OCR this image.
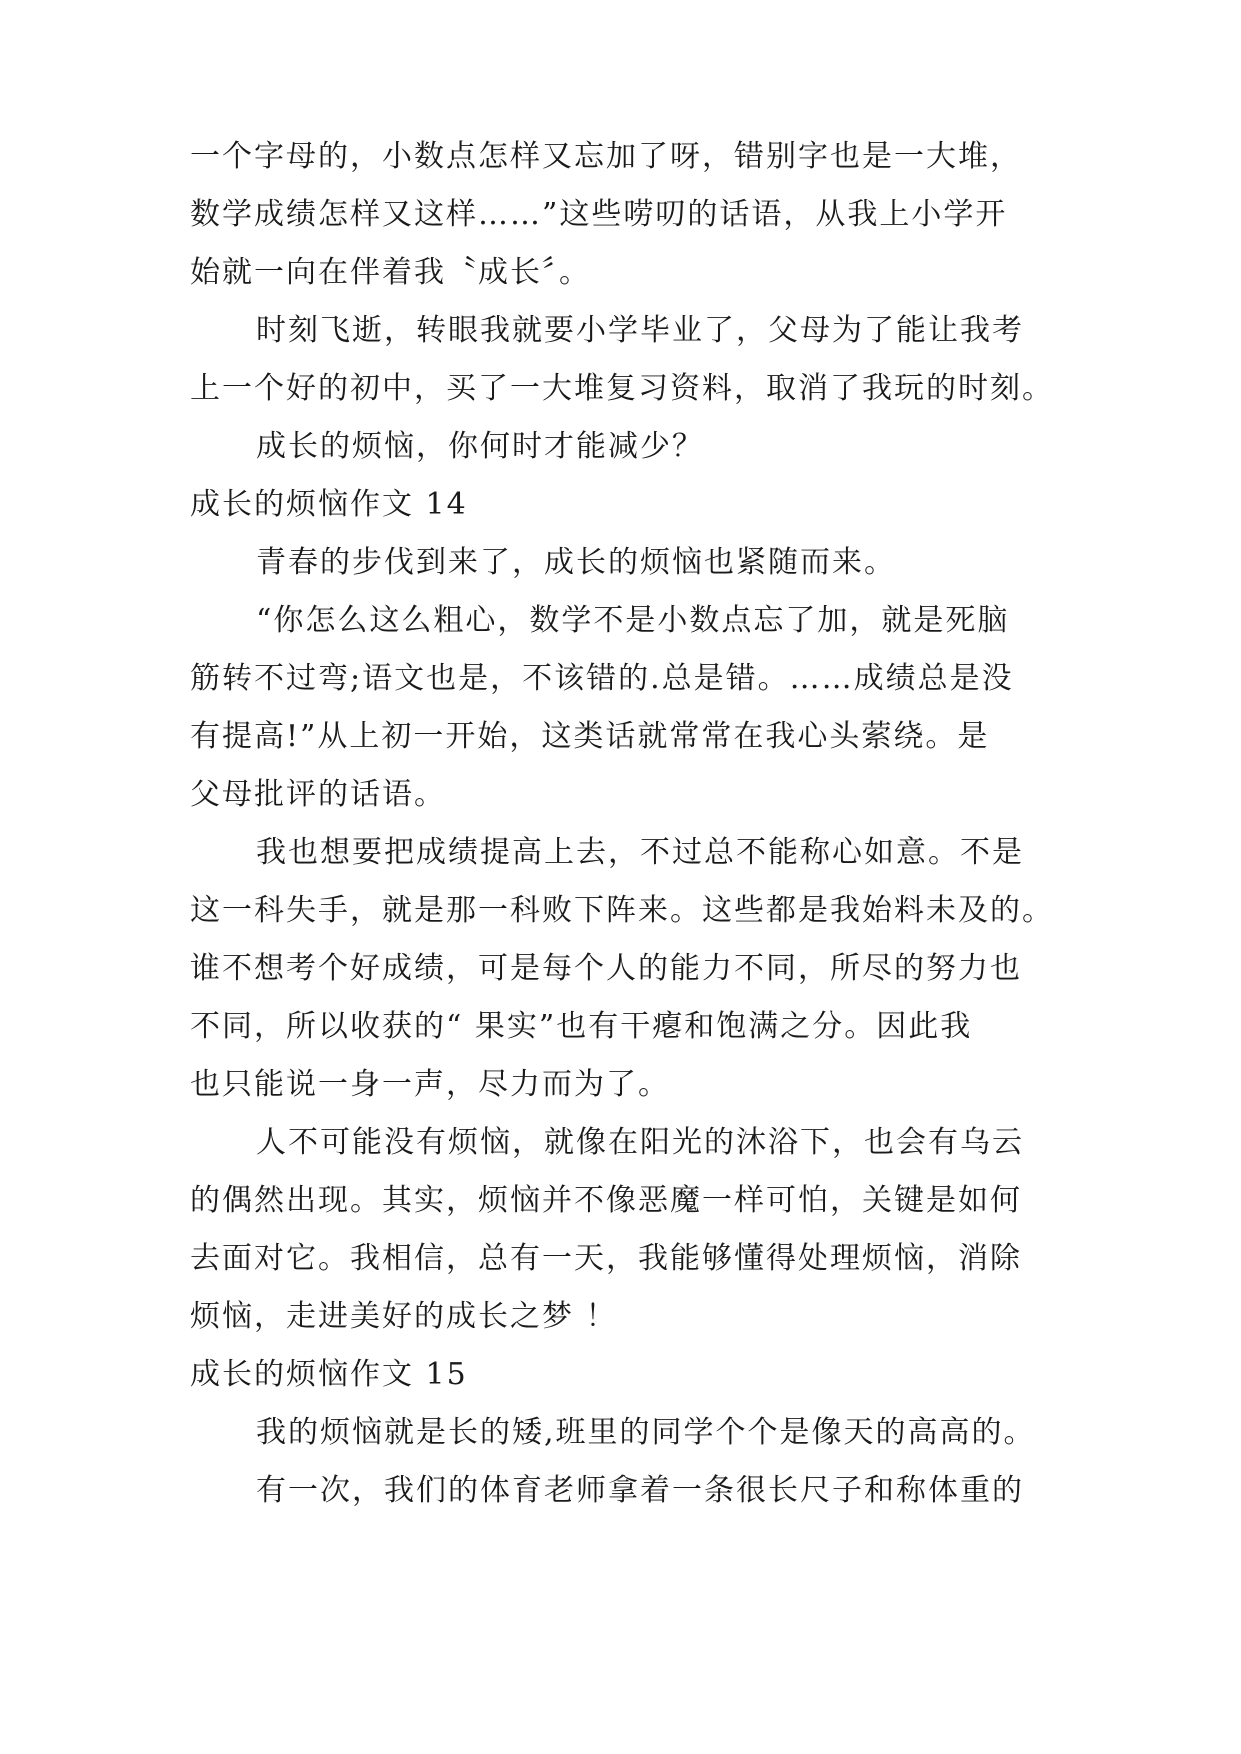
一个字母的，小数点怎样又忘加了呀，错别字也是一大堆，
数学成绩怎样又这样……”这些唠叨的话语，从我上小学开
始就一向在伴着我〝成长〞。
时刻飞逝，转眼我就要小学毕业了，父母为了能让我考
上一个好的初中，买了一大堆复习资料，取消了我玩的时刻。
成长的烦恼，你何时才能减少？
成长的烦恼作文 14
青春的步伐到来了，成长的烦恼也紧随而来。
“你怎么这么粗心，数学不是小数点忘了加，就是死脑
筋转不过弯;语文也是，不该错的.总是错。……成绩总是没
有提高!”从上初一开始，这类话就常常在我心头萦绕。是
父母批评的话语。
我也想要把成绩提高上去，不过总不能称心如意。不是
这一科失手，就是那一科败下阵来。这些都是我始料未及的。
谁不想考个好成绩，可是每个人的能力不同，所尽的努力也
不同，所以收获的“ 果实”也有干瘪和饱满之分。因此我
也只能说一身一声，尽力而为了。
人不可能没有烦恼，就像在阳光的沐浴下，也会有乌云
的偶然出现。其实，烦恼并不像恶魔一样可怕，关键是如何
去面对它。我相信，总有一天，我能够懂得处理烦恼，消除
烦恼，走进美好的成长之梦 ！
成长的烦恼作文 15
我的烦恼就是长的矮,班里的同学个个是像天的高高的。
有一次，我们的体育老师拿着一条很长尺子和称体重的
